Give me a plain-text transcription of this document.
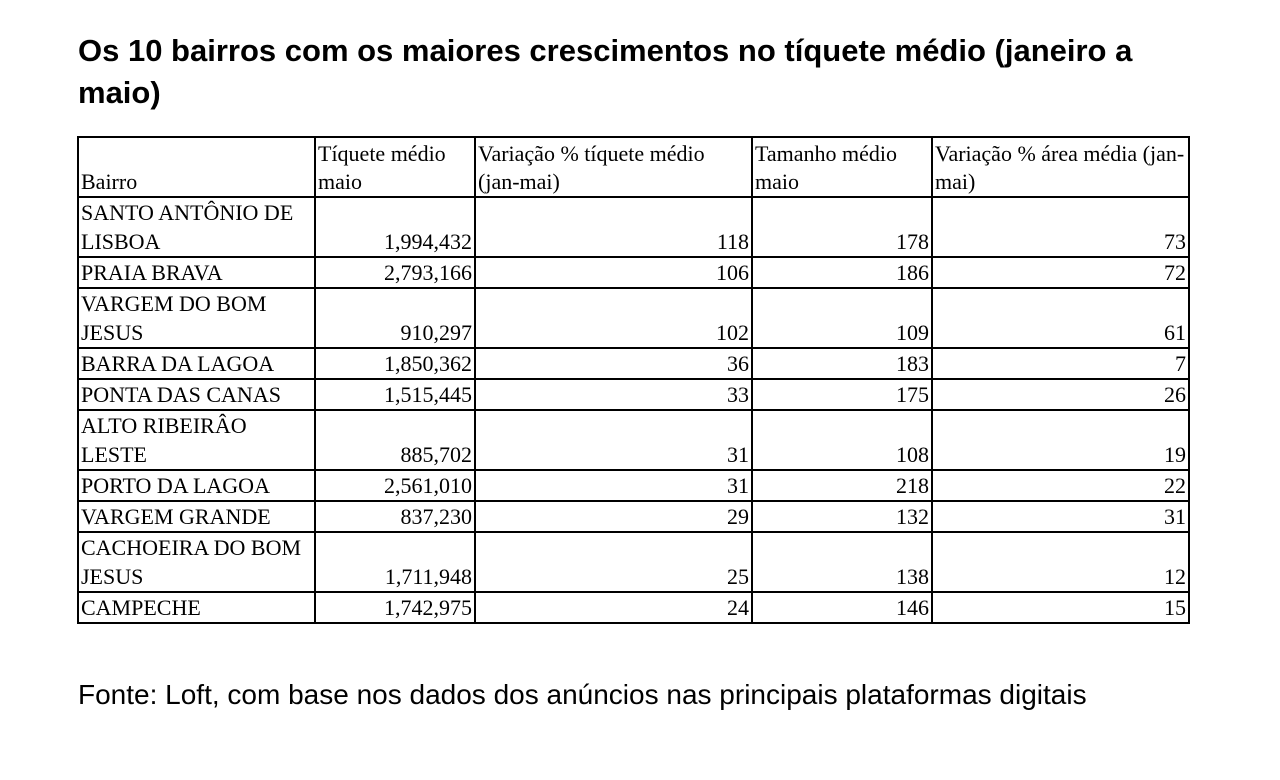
Os 10 bairros com os maiores crescimentos no tíquete médio (janeiro a maio)
Bairro	Tíquete médio maio	Variação % tíquete médio (jan-mai)	Tamanho médio maio	Variação % área média (jan-mai)
SANTO ANTÔNIO DE LISBOA	1,994,432	118	178	73
PRAIA BRAVA	2,793,166	106	186	72
VARGEM DO BOM JESUS	910,297	102	109	61
BARRA DA LAGOA	1,850,362	36	183	7
PONTA DAS CANAS	1,515,445	33	175	26
ALTO RIBEIRÂO LESTE	885,702	31	108	19
PORTO DA LAGOA	2,561,010	31	218	22
VARGEM GRANDE	837,230	29	132	31
CACHOEIRA DO BOM JESUS	1,711,948	25	138	12
CAMPECHE	1,742,975	24	146	15

Fonte: Loft, com base nos dados dos anúncios nas principais plataformas digitais
